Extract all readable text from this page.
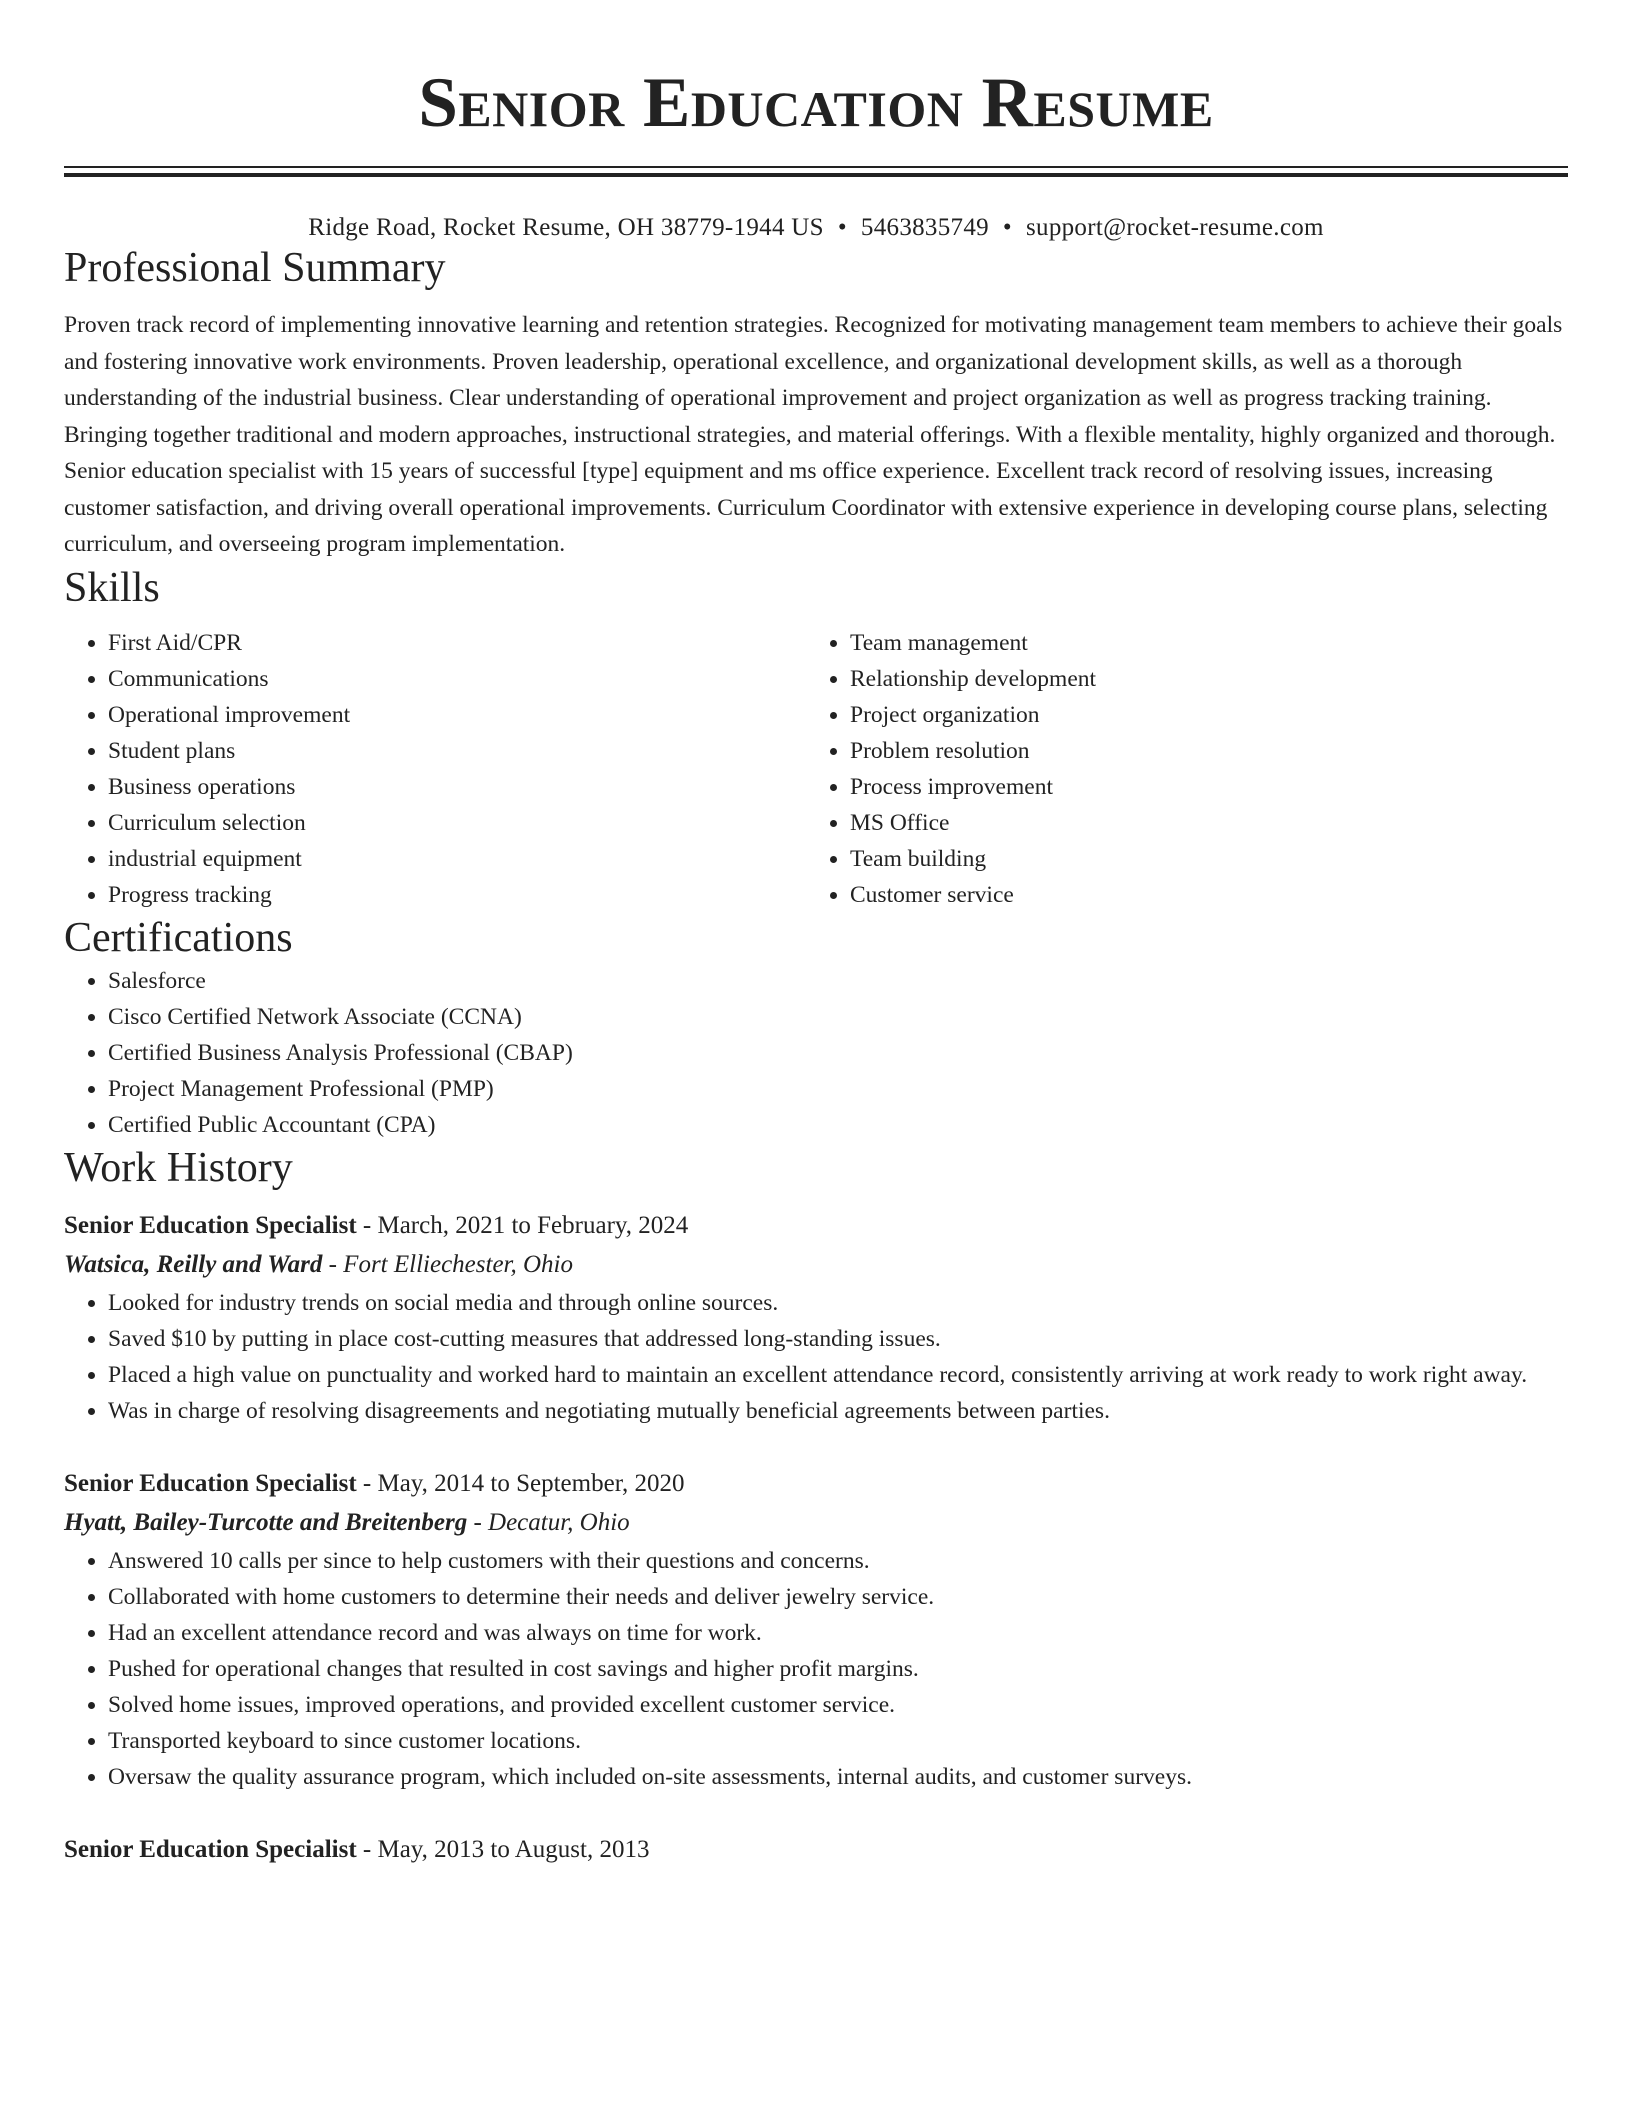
Senior Education Resume
Ridge Road, Rocket Resume, OH 38779-1944 US • 5463835749 • support@rocket-resume.com
Professional Summary

Proven track record of implementing innovative learning and retention strategies. Recognized for motivating management team members to achieve their goals and fostering innovative work environments. Proven leadership, operational excellence, and organizational development skills, as well as a thorough understanding of the industrial business. Clear understanding of operational improvement and project organization as well as progress tracking training. Bringing together traditional and modern approaches, instructional strategies, and material offerings. With a flexible mentality, highly organized and thorough. Senior education specialist with 15 years of successful [type] equipment and ms office experience. Excellent track record of resolving issues, increasing customer satisfaction, and driving overall operational improvements. Curriculum Coordinator with extensive experience in developing course plans, selecting curriculum, and overseeing program implementation.

Skills
• First Aid/CPR
• Communications
• Operational improvement
• Student plans
• Business operations
• Curriculum selection
• industrial equipment
• Progress tracking
• Team management
• Relationship development
• Project organization
• Problem resolution
• Process improvement
• MS Office
• Team building
• Customer service
Certifications
• Salesforce
• Cisco Certified Network Associate (CCNA)
• Certified Business Analysis Professional (CBAP)
• Project Management Professional (PMP)
• Certified Public Accountant (CPA)
Work History
Senior Education Specialist - March, 2021 to February, 2024
Watsica, Reilly and Ward - Fort Elliechester, Ohio
• Looked for industry trends on social media and through online sources.
• Saved $10 by putting in place cost-cutting measures that addressed long-standing issues.
• Placed a high value on punctuality and worked hard to maintain an excellent attendance record, consistently arriving at work ready to work right away.
• Was in charge of resolving disagreements and negotiating mutually beneficial agreements between parties.
Senior Education Specialist - May, 2014 to September, 2020
Hyatt, Bailey-Turcotte and Breitenberg - Decatur, Ohio
• Answered 10 calls per since to help customers with their questions and concerns.
• Collaborated with home customers to determine their needs and deliver jewelry service.
• Had an excellent attendance record and was always on time for work.
• Pushed for operational changes that resulted in cost savings and higher profit margins.
• Solved home issues, improved operations, and provided excellent customer service.
• Transported keyboard to since customer locations.
• Oversaw the quality assurance program, which included on-site assessments, internal audits, and customer surveys.
Senior Education Specialist - May, 2013 to August, 2013
